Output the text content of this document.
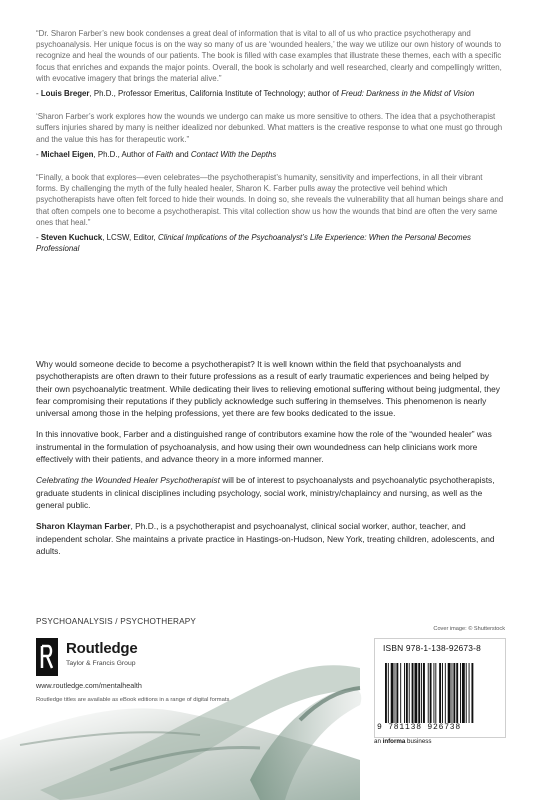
“Dr. Sharon Farber’s new book condenses a great deal of information that is vital to all of us who practice psychotherapy and psychoanalysis. Her unique focus is on the way so many of us are ‘wounded healers,’ the way we utilize our own history of wounds to recognize and heal the wounds of our patients. The book is filled with case examples that illustrate these themes, each with a specific focus that enriches and expands the major points. Overall, the book is scholarly and well researched, clearly and compellingly written, with evocative imagery that brings the material alive.”

- Louis Breger, Ph.D., Professor Emeritus, California Institute of Technology; author of Freud: Darkness in the Midst of Vision

‘Sharon Farber’s work explores how the wounds we undergo can make us more sensitive to others. The idea that a psychotherapist suffers injuries shared by many is neither idealized nor debunked. What matters is the creative response to what one must go through and the value this has for therapeutic work.”

- Michael Eigen, Ph.D., Author of Faith and Contact With the Depths

“Finally, a book that explores—even celebrates—the psychotherapist’s humanity, sensitivity and imperfections, in all their vibrant forms. By challenging the myth of the fully healed healer, Sharon K. Farber pulls away the protective veil behind which psychotherapists have often felt forced to hide their wounds. In doing so, she reveals the vulnerability that all human beings share and that often compels one to become a psychotherapist. This vital collection show us how the wounds that bind are often the very same ones that heal.”

- Steven Kuchuck, LCSW, Editor, Clinical Implications of the Psychoanalyst’s Life Experience: When the Personal Becomes Professional

Why would someone decide to become a psychotherapist? It is well known within the field that psychoanalysts and psychotherapists are often drawn to their future professions as a result of early traumatic experiences and being helped by their own psychoanalytic treatment. While dedicating their lives to relieving emotional suffering without being judgmental, they fear compromising their reputations if they publicly acknowledge such suffering in themselves. This phenomenon is nearly universal among those in the helping professions, yet there are few books dedicated to the issue.

In this innovative book, Farber and a distinguished range of contributors examine how the role of the “wounded healer” was instrumental in the formulation of psychoanalysis, and how using their own woundedness can help clinicians work more effectively with their patients, and advance theory in a more informed manner.

Celebrating the Wounded Healer Psychotherapist will be of interest to psychoanalysts and psychoanalytic psychotherapists, graduate students in clinical disciplines including psychology, social work, ministry/chaplaincy and nursing, as well as the general public.

Sharon Klayman Farber, Ph.D., is a psychotherapist and psychoanalyst, clinical social worker, author, teacher, and independent scholar. She maintains a private practice in Hastings-on-Hudson, New York, treating children, adolescents, and adults.

PSYCHOANALYSIS / PSYCHOTHERAPY
Cover image: © Shutterstock
Routledge
Taylor & Francis Group
www.routledge.com/mentalhealth
Routledge titles are available as eBook editions in a range of digital formats
ISBN 978-1-138-92673-8
9 781138 926738
an informa business
